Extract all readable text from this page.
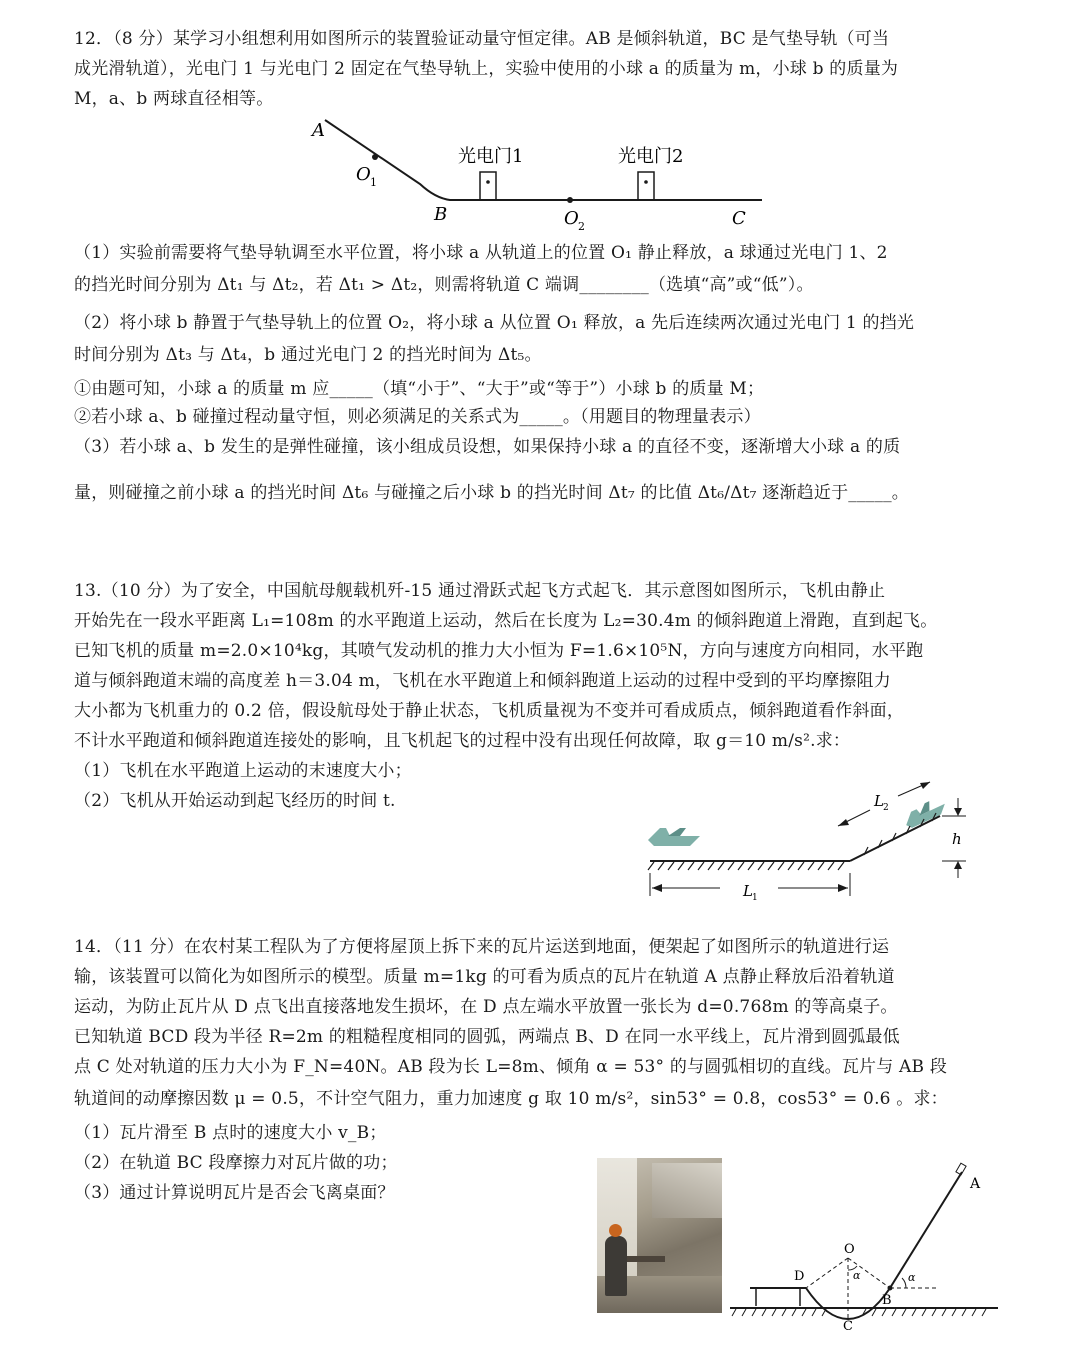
12．（8 分）某学习小组想利用如图所示的装置验证动量守恒定律。AB 是倾斜轨道，BC 是气垫导轨（可当
成光滑轨道），光电门 1 与光电门 2 固定在气垫导轨上，实验中使用的小球 a 的质量为 m，小球 b 的质量为
M，a、b 两球直径相等。
A
O 1
B	O 2	C
光电门1	光电门2
（1）实验前需要将气垫导轨调至水平位置，将小球 a 从轨道上的位置 O₁ 静止释放，a 球通过光电门 1、2
的挡光时间分别为 Δt₁ 与 Δt₂，若 Δt₁ > Δt₂，则需将轨道 C 端调________（选填“高”或“低”）。
（2）将小球 b 静置于气垫导轨上的位置 O₂，将小球 a 从位置 O₁ 释放，a 先后连续两次通过光电门 1 的挡光
时间分别为 Δt₃ 与 Δt₄，b 通过光电门 2 的挡光时间为 Δt₅。
①由题可知，小球 a 的质量 m 应_____（填“小于”、“大于”或“等于”）小球 b 的质量 M；
②若小球 a、b 碰撞过程动量守恒，则必须满足的关系式为_____。（用题目的物理量表示）
（3）若小球 a、b 发生的是弹性碰撞，该小组成员设想，如果保持小球 a 的直径不变，逐渐增大小球 a 的质
量，则碰撞之前小球 a 的挡光时间 Δt₆ 与碰撞之后小球 b 的挡光时间 Δt₇ 的比值 Δt₆/Δt₇ 逐渐趋近于_____。
13.（10 分）为了安全，中国航母舰载机歼-15 通过滑跃式起飞方式起飞．其示意图如图所示，飞机由静止
开始先在一段水平距离 L₁=108m 的水平跑道上运动，然后在长度为 L₂=30.4m 的倾斜跑道上滑跑，直到起飞。
已知飞机的质量 m=2.0×10⁴kg，其喷气发动机的推力大小恒为 F=1.6×10⁵N，方向与速度方向相同，水平跑
道与倾斜跑道末端的高度差 h＝3.04 m，飞机在水平跑道上和倾斜跑道上运动的过程中受到的平均摩擦阻力
大小都为飞机重力的 0.2 倍，假设航母处于静止状态，飞机质量视为不变并可看成质点，倾斜跑道看作斜面，
不计水平跑道和倾斜跑道连接处的影响，且飞机起飞的过程中没有出现任何故障，取 g＝10 m/s².求：
（1）飞机在水平跑道上运动的末速度大小；
（2）飞机从开始运动到起飞经历的时间 t.
L 1
L 2
h
14．（11 分）在农村某工程队为了方便将屋顶上拆下来的瓦片运送到地面，便架起了如图所示的轨道进行运
输，该装置可以简化为如图所示的模型。质量 m=1kg 的可看为质点的瓦片在轨道 A 点静止释放后沿着轨道
运动，为防止瓦片从 D 点飞出直接落地发生损坏，在 D 点左端水平放置一张长为 d=0.768m 的等高桌子。
已知轨道 BCD 段为半径 R=2m 的粗糙程度相同的圆弧，两端点 B、D 在同一水平线上，瓦片滑到圆弧最低
点 C 处对轨道的压力大小为 F_N=40N。AB 段为长 L=8m、倾角 α = 53° 的与圆弧相切的直线。瓦片与 AB 段
轨道间的动摩擦因数 μ = 0.5，不计空气阻力，重力加速度 g 取 10 m/s²，sin53° = 0.8，cos53° = 0.6 。求：
（1）瓦片滑至 B 点时的速度大小 v_B；
（2）在轨道 BC 段摩擦力对瓦片做的功；
（3）通过计算说明瓦片是否会飞离桌面？	A
O
D
B
C
α	α
